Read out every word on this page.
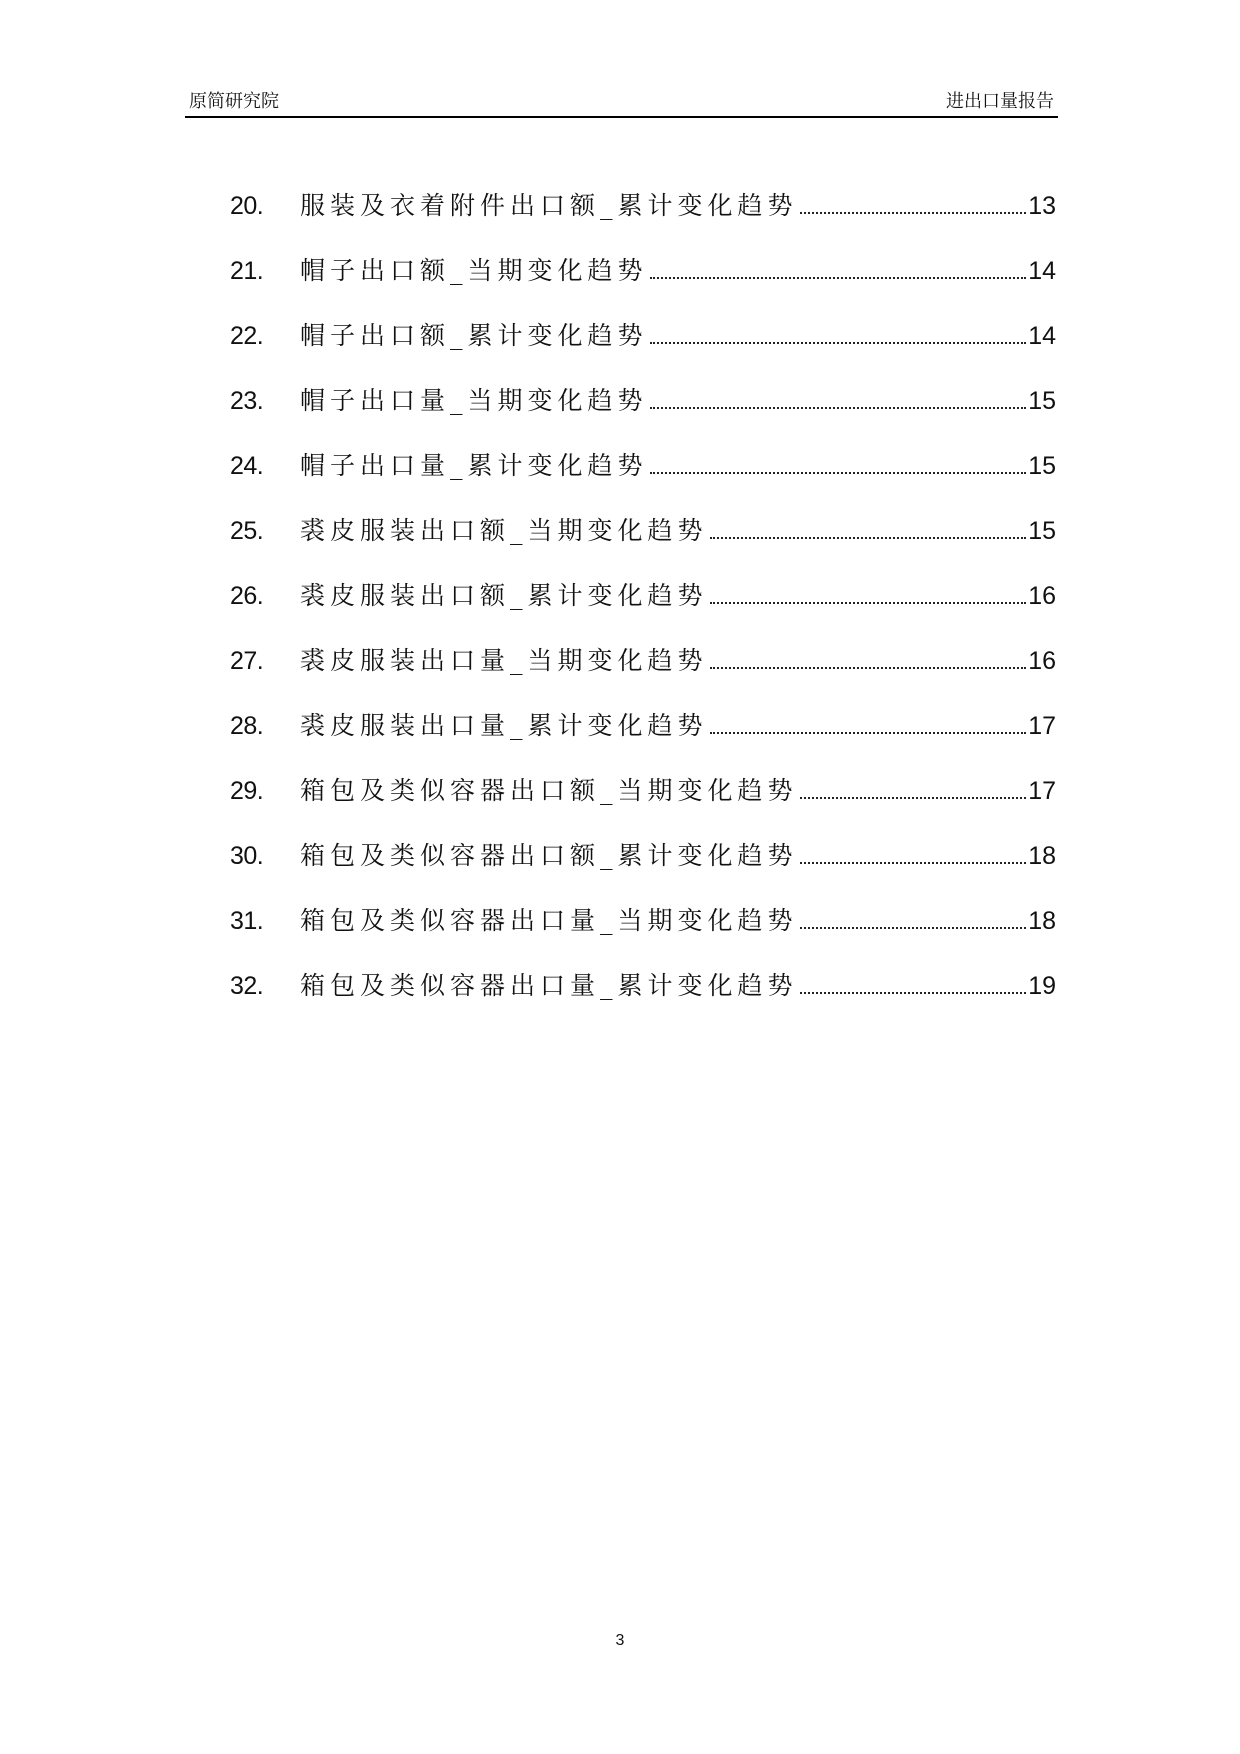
原简研究院	进出口量报告
20.	服装及衣着附件出口额_累计变化趋势	13
21.	帽子出口额_当期变化趋势	14
22.	帽子出口额_累计变化趋势	14
23.	帽子出口量_当期变化趋势	15
24.	帽子出口量_累计变化趋势	15
25.	裘皮服装出口额_当期变化趋势	15
26.	裘皮服装出口额_累计变化趋势	16
27.	裘皮服装出口量_当期变化趋势	16
28.	裘皮服装出口量_累计变化趋势	17
29.	箱包及类似容器出口额_当期变化趋势	17
30.	箱包及类似容器出口额_累计变化趋势	18
31.	箱包及类似容器出口量_当期变化趋势	18
32.	箱包及类似容器出口量_累计变化趋势	19
3
